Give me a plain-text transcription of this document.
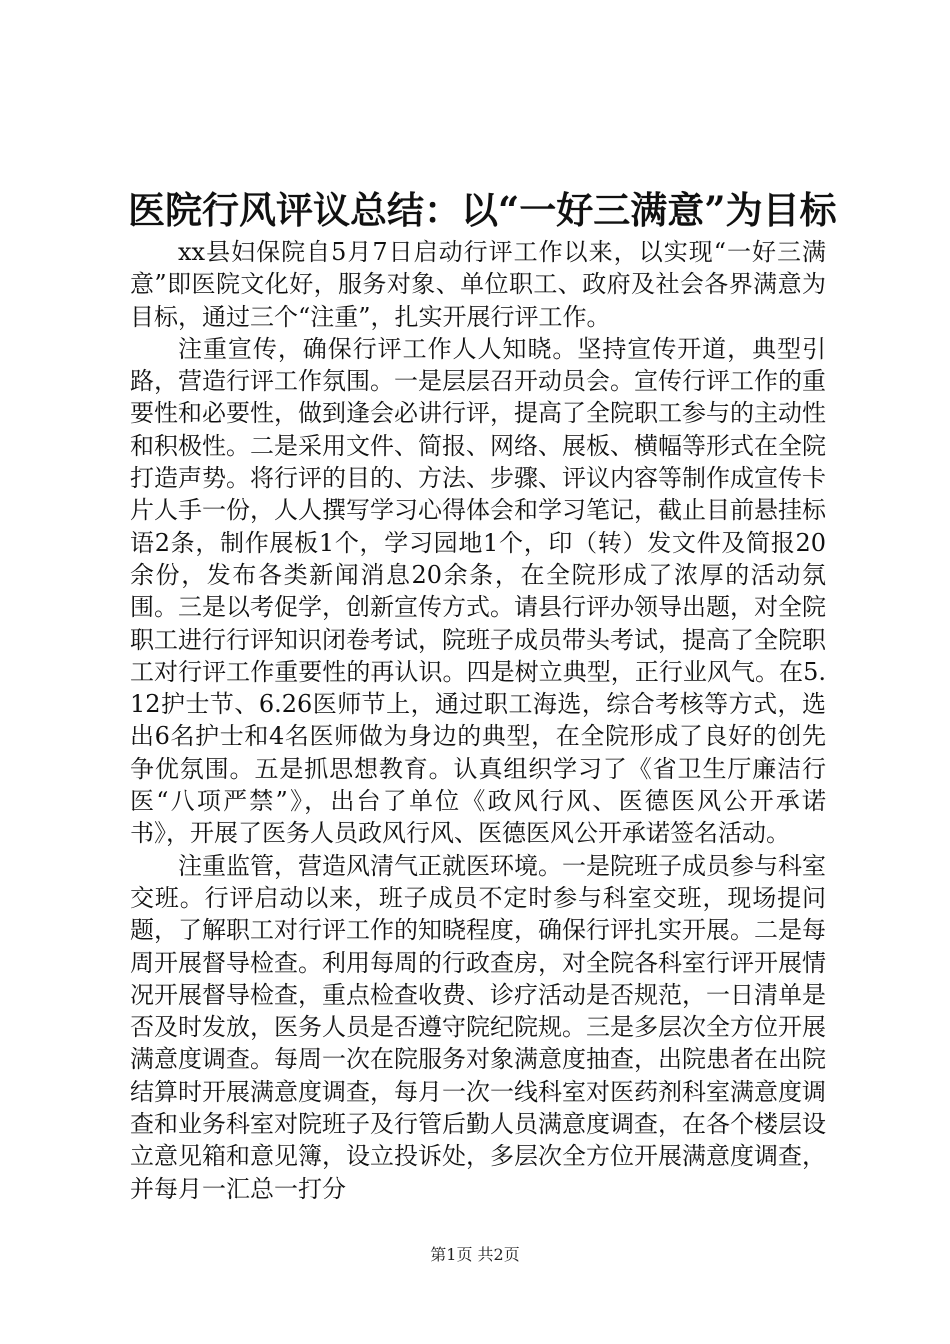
医院行风评议总结：以“一好三满意”为目标

xx县妇保院自5月7日启动行评工作以来，以实现“一好三满意”即医院文化好，服务对象、单位职工、政府及社会各界满意为目标，通过三个“注重”，扎实开展行评工作。

注重宣传，确保行评工作人人知晓。坚持宣传开道，典型引路，营造行评工作氛围。一是层层召开动员会。宣传行评工作的重要性和必要性，做到逢会必讲行评，提高了全院职工参与的主动性和积极性。二是采用文件、简报、网络、展板、横幅等形式在全院打造声势。将行评的目的、方法、步骤、评议内容等制作成宣传卡片人手一份，人人撰写学习心得体会和学习笔记，截止目前悬挂标语2条，制作展板1个，学习园地1个，印（转）发文件及简报20余份，发布各类新闻消息20余条，在全院形成了浓厚的活动氛围。三是以考促学，创新宣传方式。请县行评办领导出题，对全院职工进行行评知识闭卷考试，院班子成员带头考试，提高了全院职工对行评工作重要性的再认识。四是树立典型，正行业风气。在5.12护士节、6.26医师节上，通过职工海选，综合考核等方式，选出6名护士和4名医师做为身边的典型，在全院形成了良好的创先争优氛围。五是抓思想教育。认真组织学习了《省卫生厅廉洁行医“八项严禁”》，出台了单位《政风行风、医德医风公开承诺书》，开展了医务人员政风行风、医德医风公开承诺签名活动。

注重监管，营造风清气正就医环境。一是院班子成员参与科室交班。行评启动以来，班子成员不定时参与科室交班，现场提问题，了解职工对行评工作的知晓程度，确保行评扎实开展。二是每周开展督导检查。利用每周的行政查房，对全院各科室行评开展情况开展督导检查，重点检查收费、诊疗活动是否规范，一日清单是否及时发放，医务人员是否遵守院纪院规。三是多层次全方位开展满意度调查。每周一次在院服务对象满意度抽查，出院患者在出院结算时开展满意度调查，每月一次一线科室对医药剂科室满意度调查和业务科室对院班子及行管后勤人员满意度调查，在各个楼层设立意见箱和意见簿，设立投诉处，多层次全方位开展满意度调查，并每月一汇总一打分

第1页 共2页
